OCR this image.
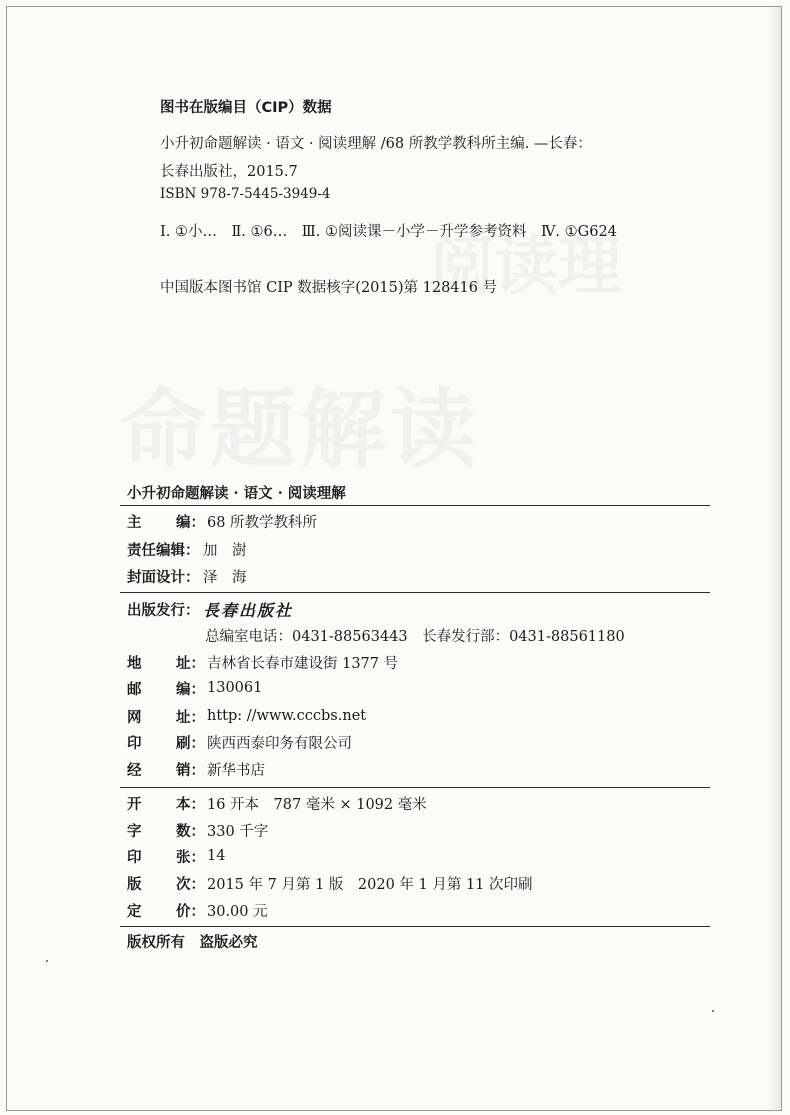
图书在版编目（CIP）数据
小升初命题解读 · 语文 · 阅读理解 /68 所教学教科所主编. —长春：
长春出版社，2015.7
ISBN 978-7-5445-3949-4
Ⅰ. ①小…　Ⅱ. ①6…　Ⅲ. ①阅读课－小学－升学参考资料　Ⅳ. ①G624
中国版本图书馆 CIP 数据核字(2015)第 128416 号
小升初命题解读 · 语文 · 阅读理解
主 编： 68 所教学教科所
责任编辑： 加　澍
封面设计： 泽　海
出版发行： 長春出版社
总编室电话：0431-88563443　长春发行部：0431-88561180
地 址： 吉林省长春市建设街 1377 号
邮 编： 130061
网 址： http: //www.cccbs.net
印 刷： 陕西西泰印务有限公司
经 销： 新华书店
开 本： 16 开本　787 毫米 × 1092 毫米
字 数： 330 千字
印 张： 14
版 次： 2015 年 7 月第 1 版　2020 年 1 月第 11 次印刷
定 价： 30.00 元
版权所有　盗版必究
